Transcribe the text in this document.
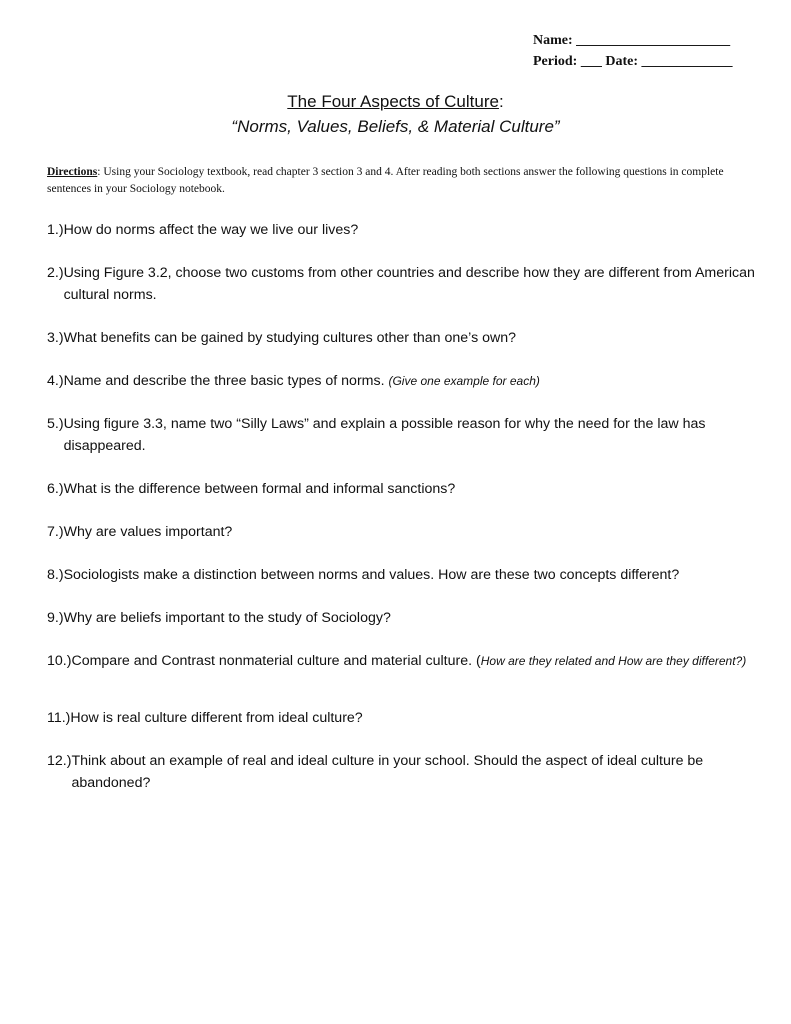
Name: ______________________
Period: ___ Date: _____________
The Four Aspects of Culture:
“Norms, Values, Beliefs, & Material Culture”
Directions: Using your Sociology textbook, read chapter 3 section 3 and 4. After reading both sections answer the following questions in complete sentences in your Sociology notebook.
1.) How do norms affect the way we live our lives?
2.) Using Figure 3.2, choose two customs from other countries and describe how they are different from American cultural norms.
3.) What benefits can be gained by studying cultures other than one’s own?
4.) Name and describe the three basic types of norms. (Give one example for each)
5.) Using figure 3.3, name two “Silly Laws” and explain a possible reason for why the need for the law has disappeared.
6.) What is the difference between formal and informal sanctions?
7.) Why are values important?
8.) Sociologists make a distinction between norms and values. How are these two concepts different?
9.) Why are beliefs important to the study of Sociology?
10.) Compare and Contrast nonmaterial culture and material culture. (How are they related and How are they different?)
11.) How is real culture different from ideal culture?
12.) Think about an example of real and ideal culture in your school. Should the aspect of ideal culture be abandoned?
